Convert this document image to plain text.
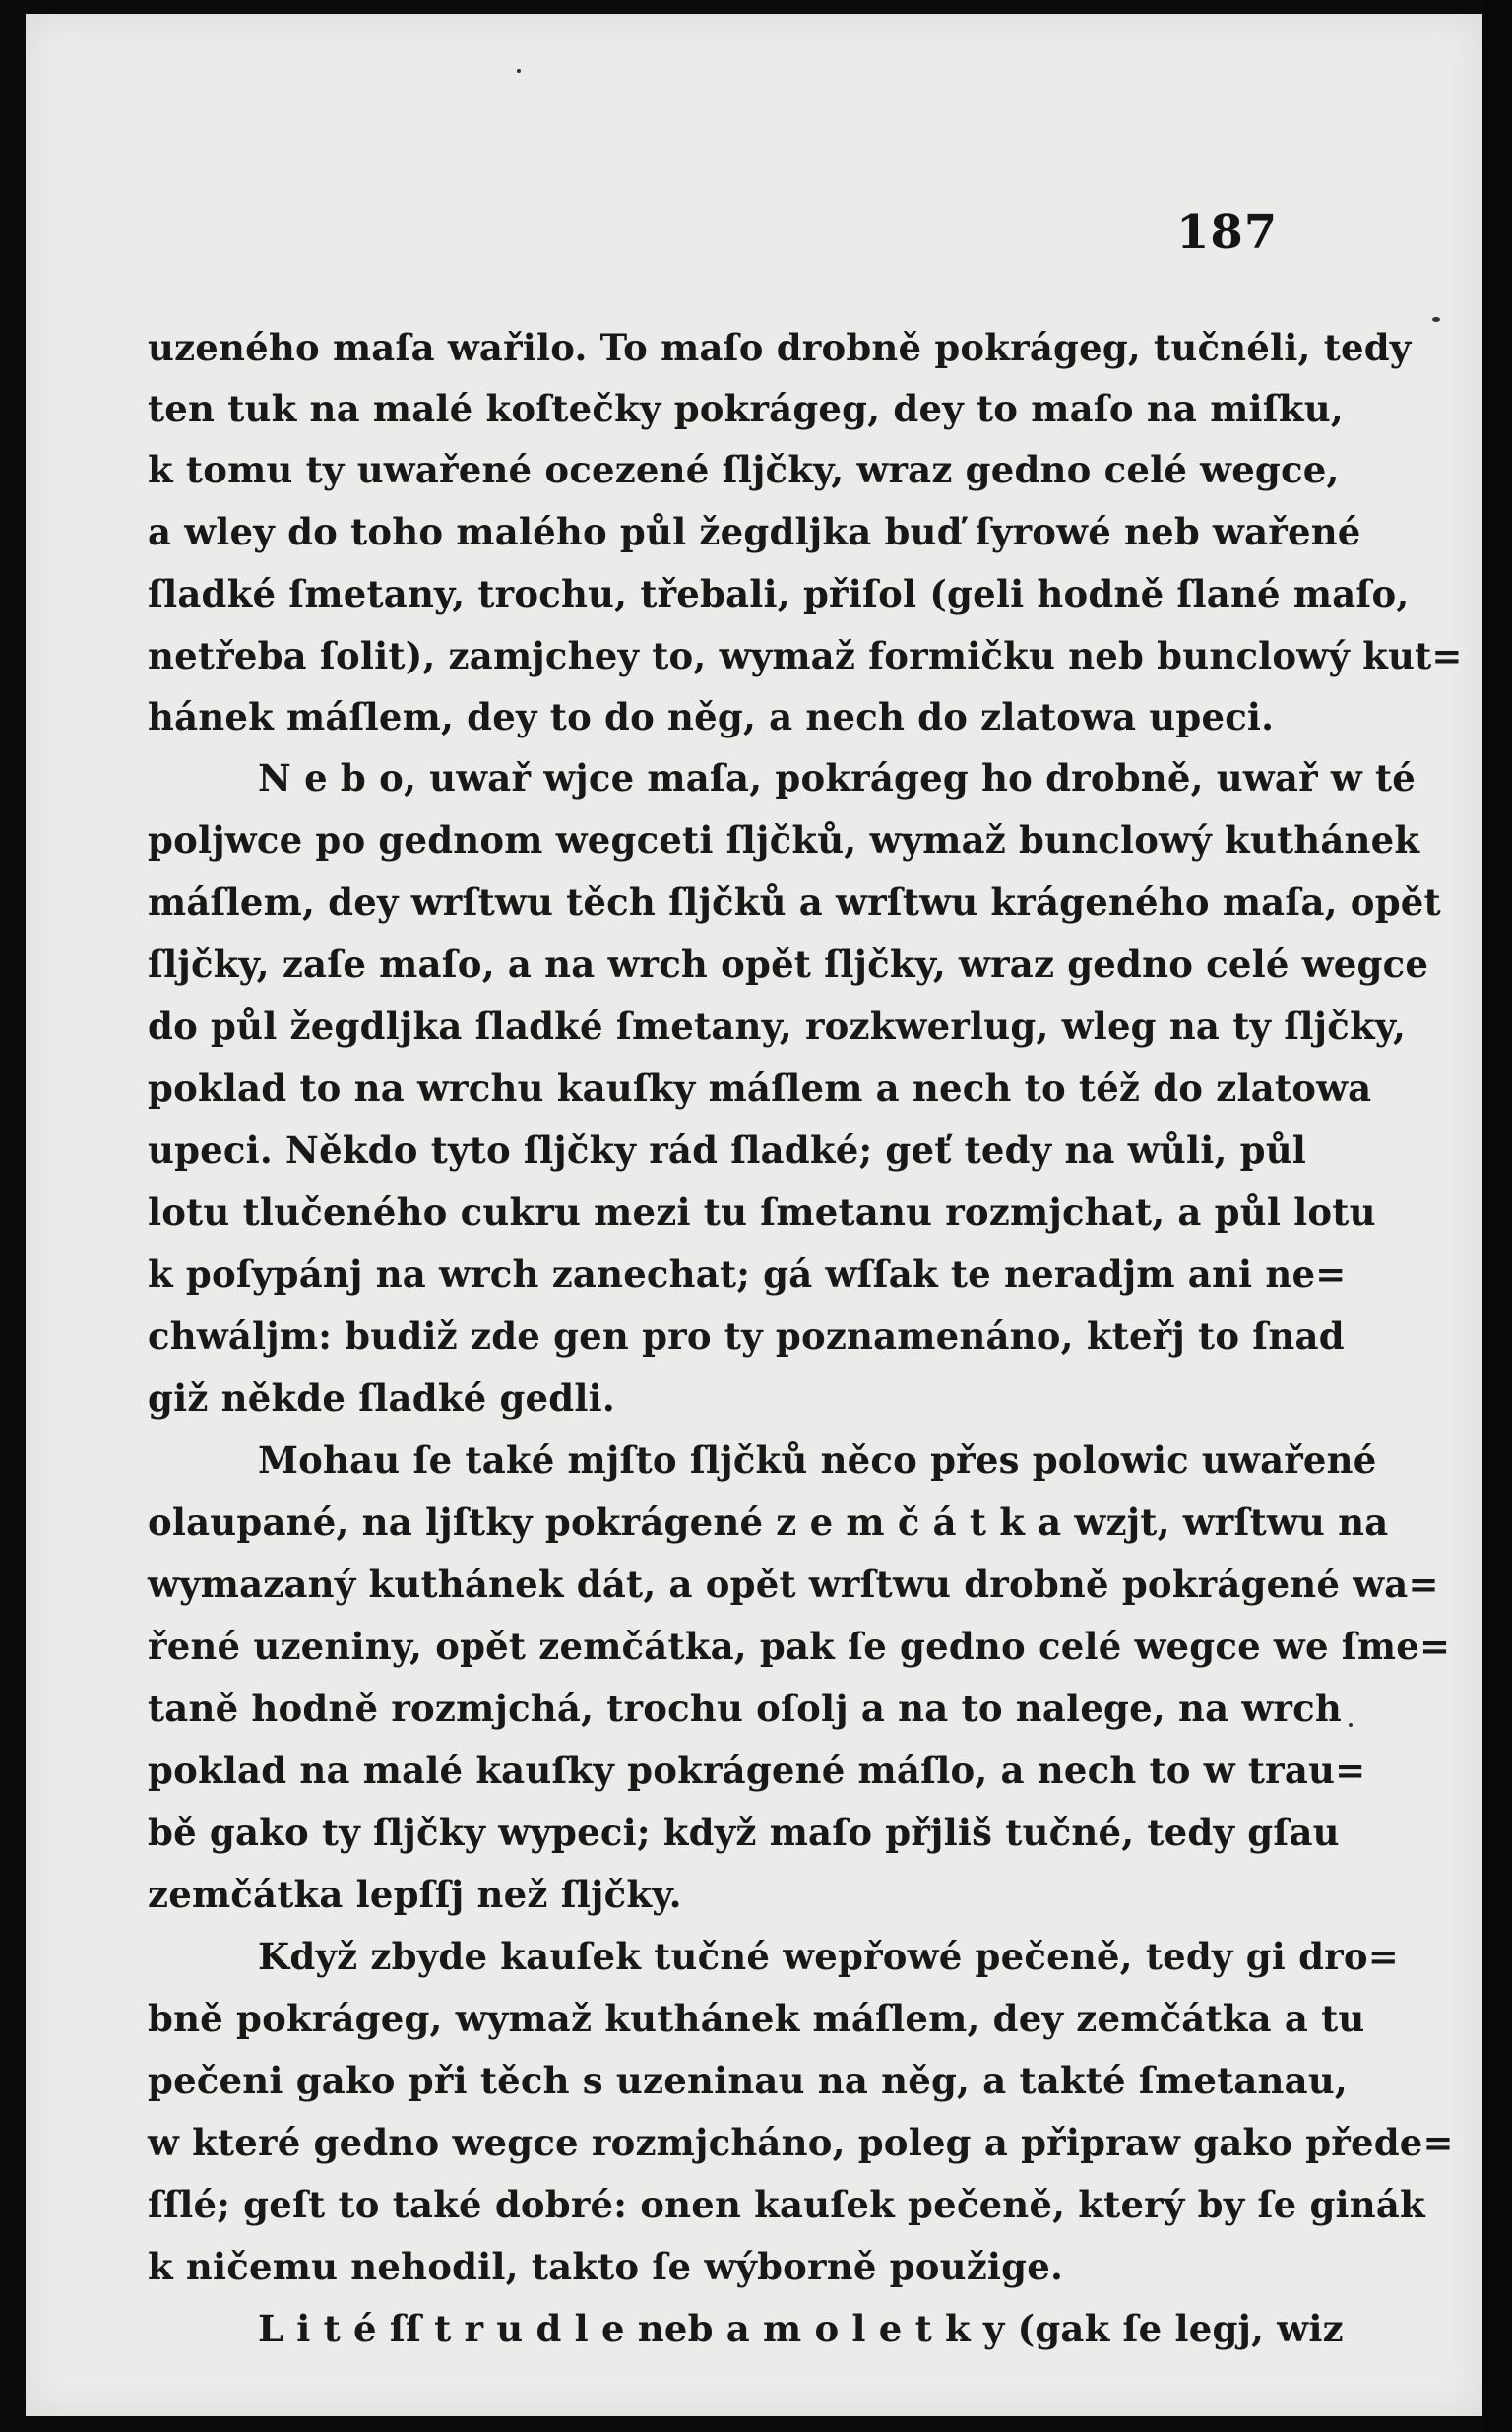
187
uzeného maſa wařilo. To maſo drobně pokrágeg, tučnéli, tedy
ten tuk na malé koſtečky pokrágeg, dey to maſo na miſku,
k tomu ty uwařené ocezené ſljčky, wraz gedno celé wegce,
a wley do toho malého půl žegdljka buď ſyrowé neb wařené
ſladké ſmetany, trochu, třebali, přiſol (geli hodně ſlané maſo,
netřeba ſolit), zamjchey to, wymaž formičku neb bunclowý kut=
hánek máſlem, dey to do něg, a nech do zlatowa upeci.
N e b o, uwař wjce maſa, pokrágeg ho drobně, uwař w té
poljwce po gednom wegceti ſljčků, wymaž bunclowý kuthánek
máſlem, dey wrſtwu těch ſljčků a wrſtwu krágeného maſa, opět
ſljčky, zaſe maſo, a na wrch opět ſljčky, wraz gedno celé wegce
do půl žegdljka ſladké ſmetany, rozkwerlug, wleg na ty ſljčky,
poklad to na wrchu kauſky máſlem a nech to též do zlatowa
upeci. Někdo tyto ſljčky rád ſladké; geť tedy na wůli, půl
lotu tlučeného cukru mezi tu ſmetanu rozmjchat, a půl lotu
k poſypánj na wrch zanechat; gá wſſak te neradjm ani ne=
chwáljm: budiž zde gen pro ty poznamenáno, kteřj to ſnad
giž někde ſladké gedli.
Mohau ſe také mjſto ſljčků něco přes polowic uwařené
olaupané, na ljſtky pokrágené z e m č á t k a wzjt, wrſtwu na
wymazaný kuthánek dát, a opět wrſtwu drobně pokrágené wa=
řené uzeniny, opět zemčátka, pak ſe gedno celé wegce we ſme=
taně hodně rozmjchá, trochu oſolj a na to nalege, na wrch
poklad na malé kauſky pokrágené máſlo, a nech to w trau=
bě gako ty ſljčky wypeci; když maſo přjliš tučné, tedy gſau
zemčátka lepſſj než ſljčky.
Když zbyde kauſek tučné wepřowé pečeně, tedy gi dro=
bně pokrágeg, wymaž kuthánek máſlem, dey zemčátka a tu
pečeni gako při těch s uzeninau na něg, a takté ſmetanau,
w které gedno wegce rozmjcháno, poleg a připraw gako přede=
ſſlé; geſt to také dobré: onen kauſek pečeně, který by ſe ginák
k ničemu nehodil, takto ſe wýborně použige.
L i t é ſſ t r u d l e neb a m o l e t k y (gak ſe legj, wiz
